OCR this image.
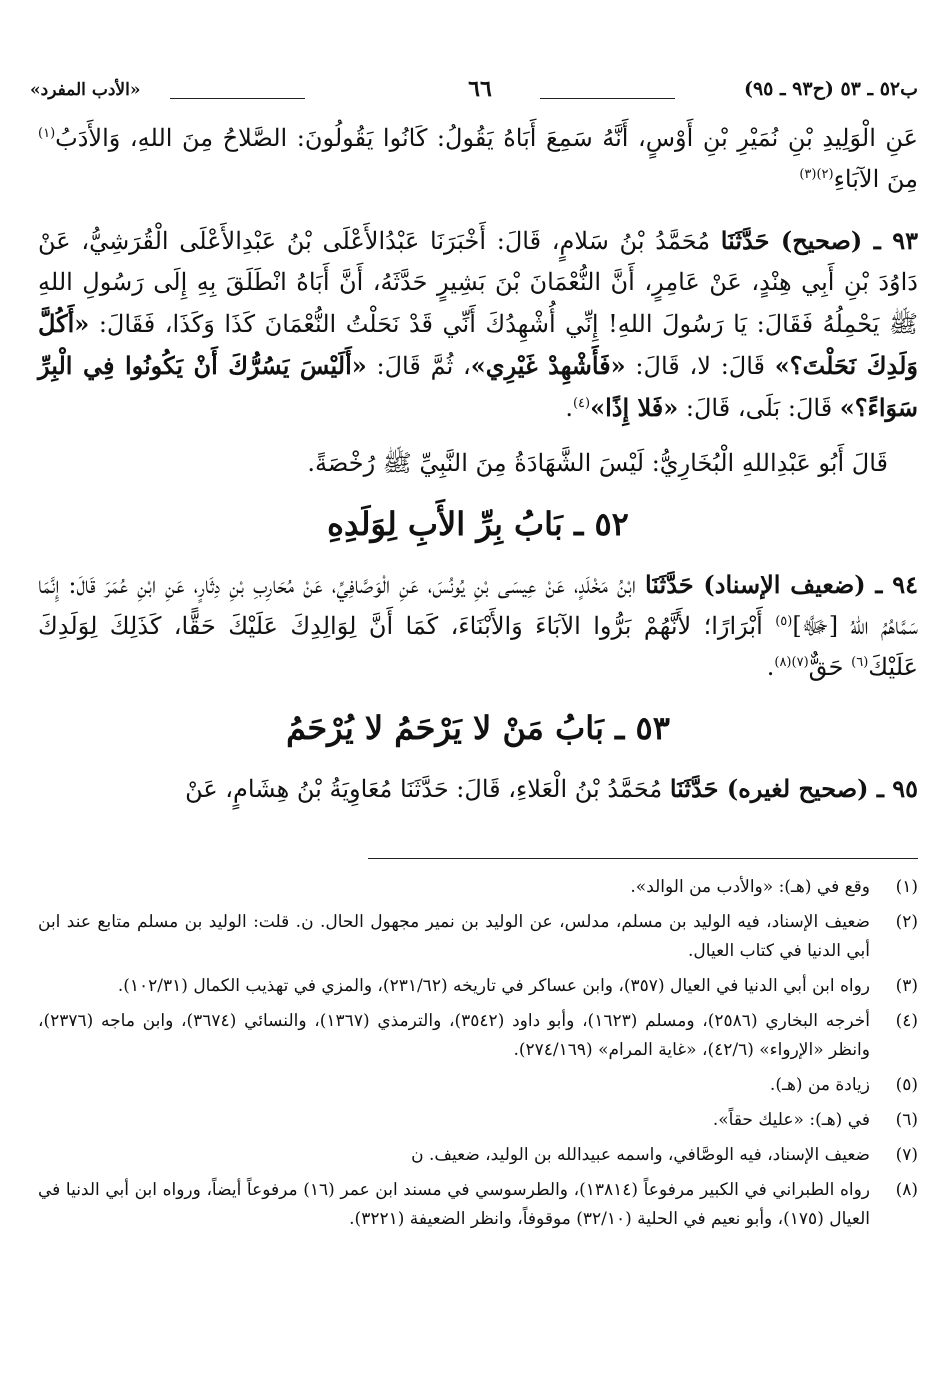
ب٥٢ ـ ٥٣ (ح٩٣ ـ ٩٥)
٦٦
«الأدب المفرد»

عَنِ الْوَلِيدِ بْنِ نُمَيْرِ بْنِ أَوْسٍ، أَنَّهُ سَمِعَ أَبَاهُ يَقُولُ: كَانُوا يَقُولُونَ: الصَّلاحُ مِنَ اللهِ، وَالأَدَبُ$^{(١)}$ مِنَ الآبَاءِ$^{(٢)(٣)}$

٩٣ ـ (صحيح) حَدَّثَنَا مُحَمَّدُ بْنُ سَلامٍ، قَالَ: أَخْبَرَنَا عَبْدُالأَعْلَى بْنُ عَبْدِالأَعْلَى الْقُرَشِيُّ، عَنْ دَاوُدَ بْنِ أَبِي هِنْدٍ، عَنْ عَامِرٍ، أَنَّ النُّعْمَانَ بْنَ بَشِيرٍ حَدَّثَهُ، أَنَّ أَبَاهُ انْطَلَقَ بِهِ إِلَى رَسُولِ اللهِ ﷺ يَحْمِلُهُ فَقَالَ: يَا رَسُولَ اللهِ! إِنِّي أُشْهِدُكَ أَنِّي قَدْ نَحَلْتُ النُّعْمَانَ كَذَا وَكَذَا، فَقَالَ: «أَكُلَّ وَلَدِكَ نَحَلْتَ؟» قَالَ: لا، قَالَ: «فَأَشْهِدْ غَيْرِي»، ثُمَّ قَالَ: «أَلَيْسَ يَسُرُّكَ أَنْ يَكُونُوا فِي الْبِرِّ سَوَاءً؟» قَالَ: بَلَى، قَالَ: «فَلا إِذًا»$^{(٤)}$.

قَالَ أَبُو عَبْدِاللهِ الْبُخَارِيُّ: لَيْسَ الشَّهَادَةُ مِنَ النَّبِيِّ ﷺ رُخْصَةً.

٥٢ ـ بَابُ بِرِّ الأَبِ لِوَلَدِهِ

٩٤ ـ (ضعيف الإسناد) حَدَّثَنَا ابْنُ مَخْلَدٍ، عَنْ عِيسَى بْنِ يُونُسَ، عَنِ الْوَصَّافِيِّ، عَنْ مُحَارِبِ بْنِ دِثَارٍ، عَنِ ابْنِ عُمَرَ قَالَ: إِنَّمَا سَمَّاهُمُ اللهُ [ﷻ]$^{(٥)}$ أَبْرَارًا؛ لأَنَّهُمْ بَرُّوا الآبَاءَ وَالأَبْنَاءَ، كَمَا أَنَّ لِوَالِدِكَ عَلَيْكَ حَقًّا، كَذَلِكَ لِوَلَدِكَ عَلَيْكَ$^{(٦)}$ حَقٌّ$^{(٧)(٨)}$.

٥٣ ـ بَابُ مَنْ لا يَرْحَمُ لا يُرْحَمُ

٩٥ ـ (صحيح لغيره) حَدَّثَنَا مُحَمَّدُ بْنُ الْعَلاءِ، قَالَ: حَدَّثَنَا مُعَاوِيَةُ بْنُ هِشَامٍ، عَنْ

(١)
وقع في (هـ): «والأدب من الوالد».
(٢)
ضعيف الإسناد، فيه الوليد بن مسلم، مدلس، عن الوليد بن نمير مجهول الحال. ن. قلت: الوليد بن مسلم متابع عند ابن أبي الدنيا في كتاب العيال.
(٣)
رواه ابن أبي الدنيا في العيال (٣٥٧)، وابن عساكر في تاريخه (٢٣١/٦٢)، والمزي في تهذيب الكمال (١٠٢/٣١).
(٤)
أخرجه البخاري (٢٥٨٦)، ومسلم (١٦٢٣)، وأبو داود (٣٥٤٢)، والترمذي (١٣٦٧)، والنسائي (٣٦٧٤)، وابن ماجه (٢٣٧٦)، وانظر «الإرواء» (٤٢/٦)، «غاية المرام» (٢٧٤/١٦٩).
(٥)
زيادة من (هـ).
(٦)
في (هـ): «عليك حقاً».
(٧)
ضعيف الإسناد، فيه الوصَّافي، واسمه عبيدالله بن الوليد، ضعيف. ن
(٨)
رواه الطبراني في الكبير مرفوعاً (١٣٨١٤)، والطرسوسي في مسند ابن عمر (١٦) مرفوعاً أيضاً، ورواه ابن أبي الدنيا في العيال (١٧٥)، وأبو نعيم في الحلية (٣٢/١٠) موقوفاً، وانظر الضعيفة (٣٢٢١).
